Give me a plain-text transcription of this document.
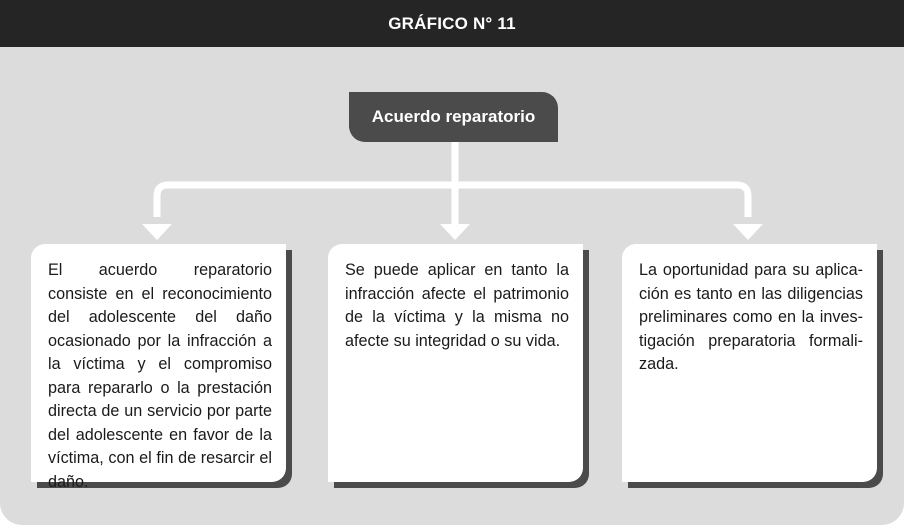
GRÁFICO N° 11
Acuerdo reparatorio
El acuerdo reparatorio consiste en el reconocimiento del adolescente del daño ocasionado por la infracción a la víctima y el compromiso para repararlo o la prestación directa de un servicio por parte del adolescente en favor de la víctima, con el fin de resarcir el daño.
Se puede aplicar en tanto la infracción afecte el patrimonio de la víctima y la misma no afecte su integridad o su vida.
La oportunidad para su aplicación es tanto en las diligencias preliminares como en la investigación preparatoria formalizada.
